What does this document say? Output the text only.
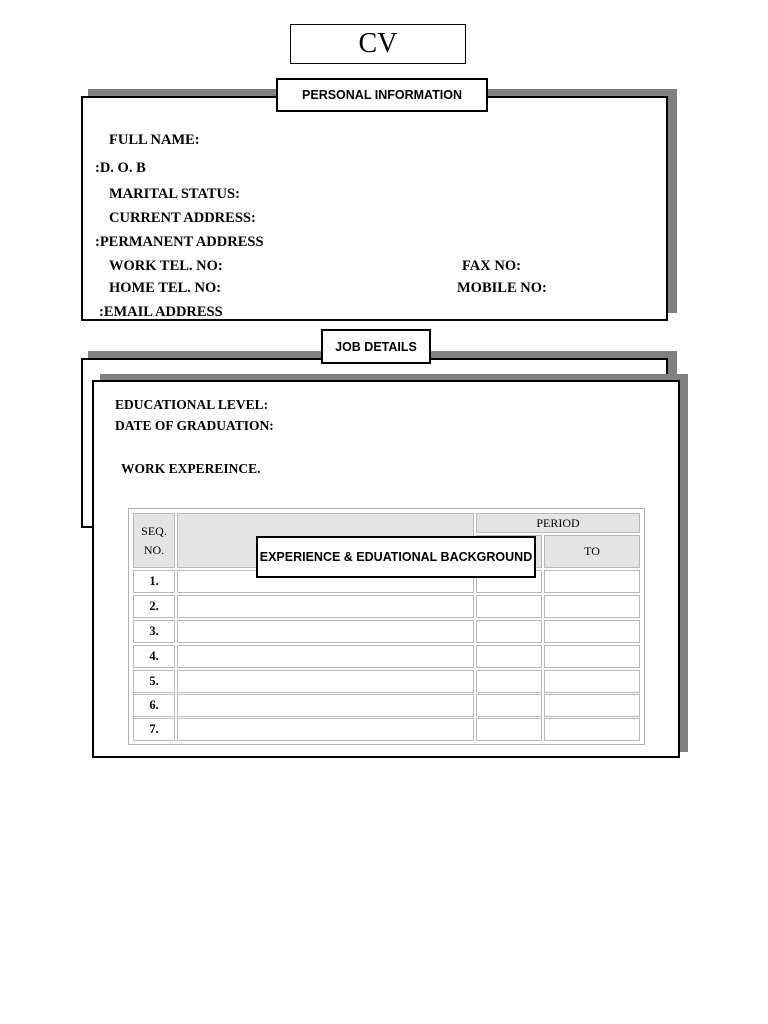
CV
FULL NAME:
:D. O. B
MARITAL STATUS:
CURRENT ADDRESS:
:PERMANENT ADDRESS
WORK TEL. NO:	FAX NO:
HOME TEL. NO:	MOBILE NO:
:EMAIL ADDRESS
PERSONAL INFORMATION
JOB DETAILS
EDUCATIONAL LEVEL:
DATE OF GRADUATION:
WORK EXPEREINCE.
SEQ.
NO.
PERIOD
TO
1.
2.
3.
4.
5.
6.
7.
EXPERIENCE & EDUATIONAL BACKGROUND
